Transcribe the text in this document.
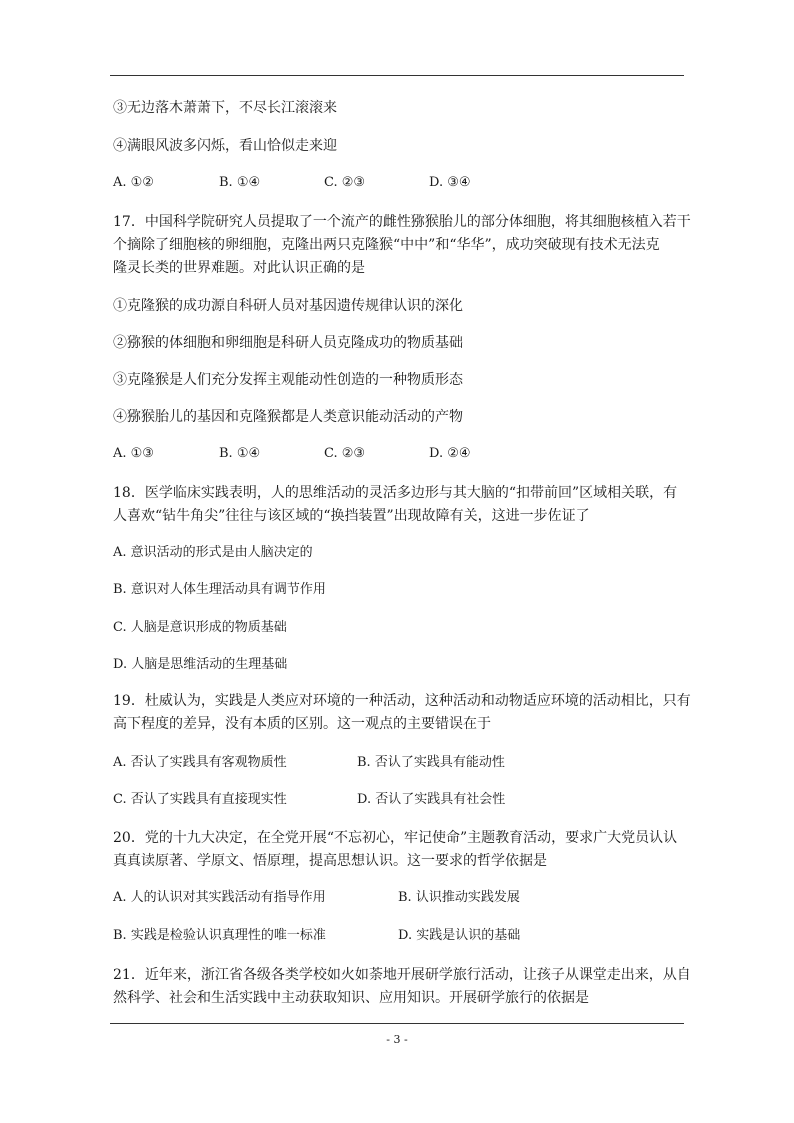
③无边落木萧萧下，不尽长江滚滚来
④满眼风波多闪烁，看山恰似走来迎
A. ①②	B. ①④	C. ②③	D. ③④
17．中国科学院研究人员提取了一个流产的雌性猕猴胎儿的部分体细胞，将其细胞核植入若干
个摘除了细胞核的卵细胞，克隆出两只克隆猴“中中”和“华华”，成功突破现有技术无法克
隆灵长类的世界难题。对此认识正确的是
①克隆猴的成功源自科研人员对基因遗传规律认识的深化
②猕猴的体细胞和卵细胞是科研人员克隆成功的物质基础
③克隆猴是人们充分发挥主观能动性创造的一种物质形态
④猕猴胎儿的基因和克隆猴都是人类意识能动活动的产物
A. ①③	B. ①④	C. ②③	D. ②④
18．医学临床实践表明，人的思维活动的灵活多边形与其大脑的“扣带前回”区域相关联，有
人喜欢“钻牛角尖”往往与该区域的“换挡装置”出现故障有关，这进一步佐证了
A. 意识活动的形式是由人脑决定的
B. 意识对人体生理活动具有调节作用
C. 人脑是意识形成的物质基础
D. 人脑是思维活动的生理基础
19．杜威认为，实践是人类应对环境的一种活动，这种活动和动物适应环境的活动相比，只有
高下程度的差异，没有本质的区别。这一观点的主要错误在于
A. 否认了实践具有客观物质性	B. 否认了实践具有能动性
C. 否认了实践具有直接现实性	D. 否认了实践具有社会性
20．党的十九大决定，在全党开展“不忘初心，牢记使命”主题教育活动，要求广大党员认认
真真读原著、学原文、悟原理，提高思想认识。这一要求的哲学依据是
A. 人的认识对其实践活动有指导作用	B. 认识推动实践发展
B. 实践是检验认识真理性的唯一标准	D. 实践是认识的基础
21．近年来，浙江省各级各类学校如火如荼地开展研学旅行活动，让孩子从课堂走出来，从自
然科学、社会和生活实践中主动获取知识、应用知识。开展研学旅行的依据是
- 3 -
